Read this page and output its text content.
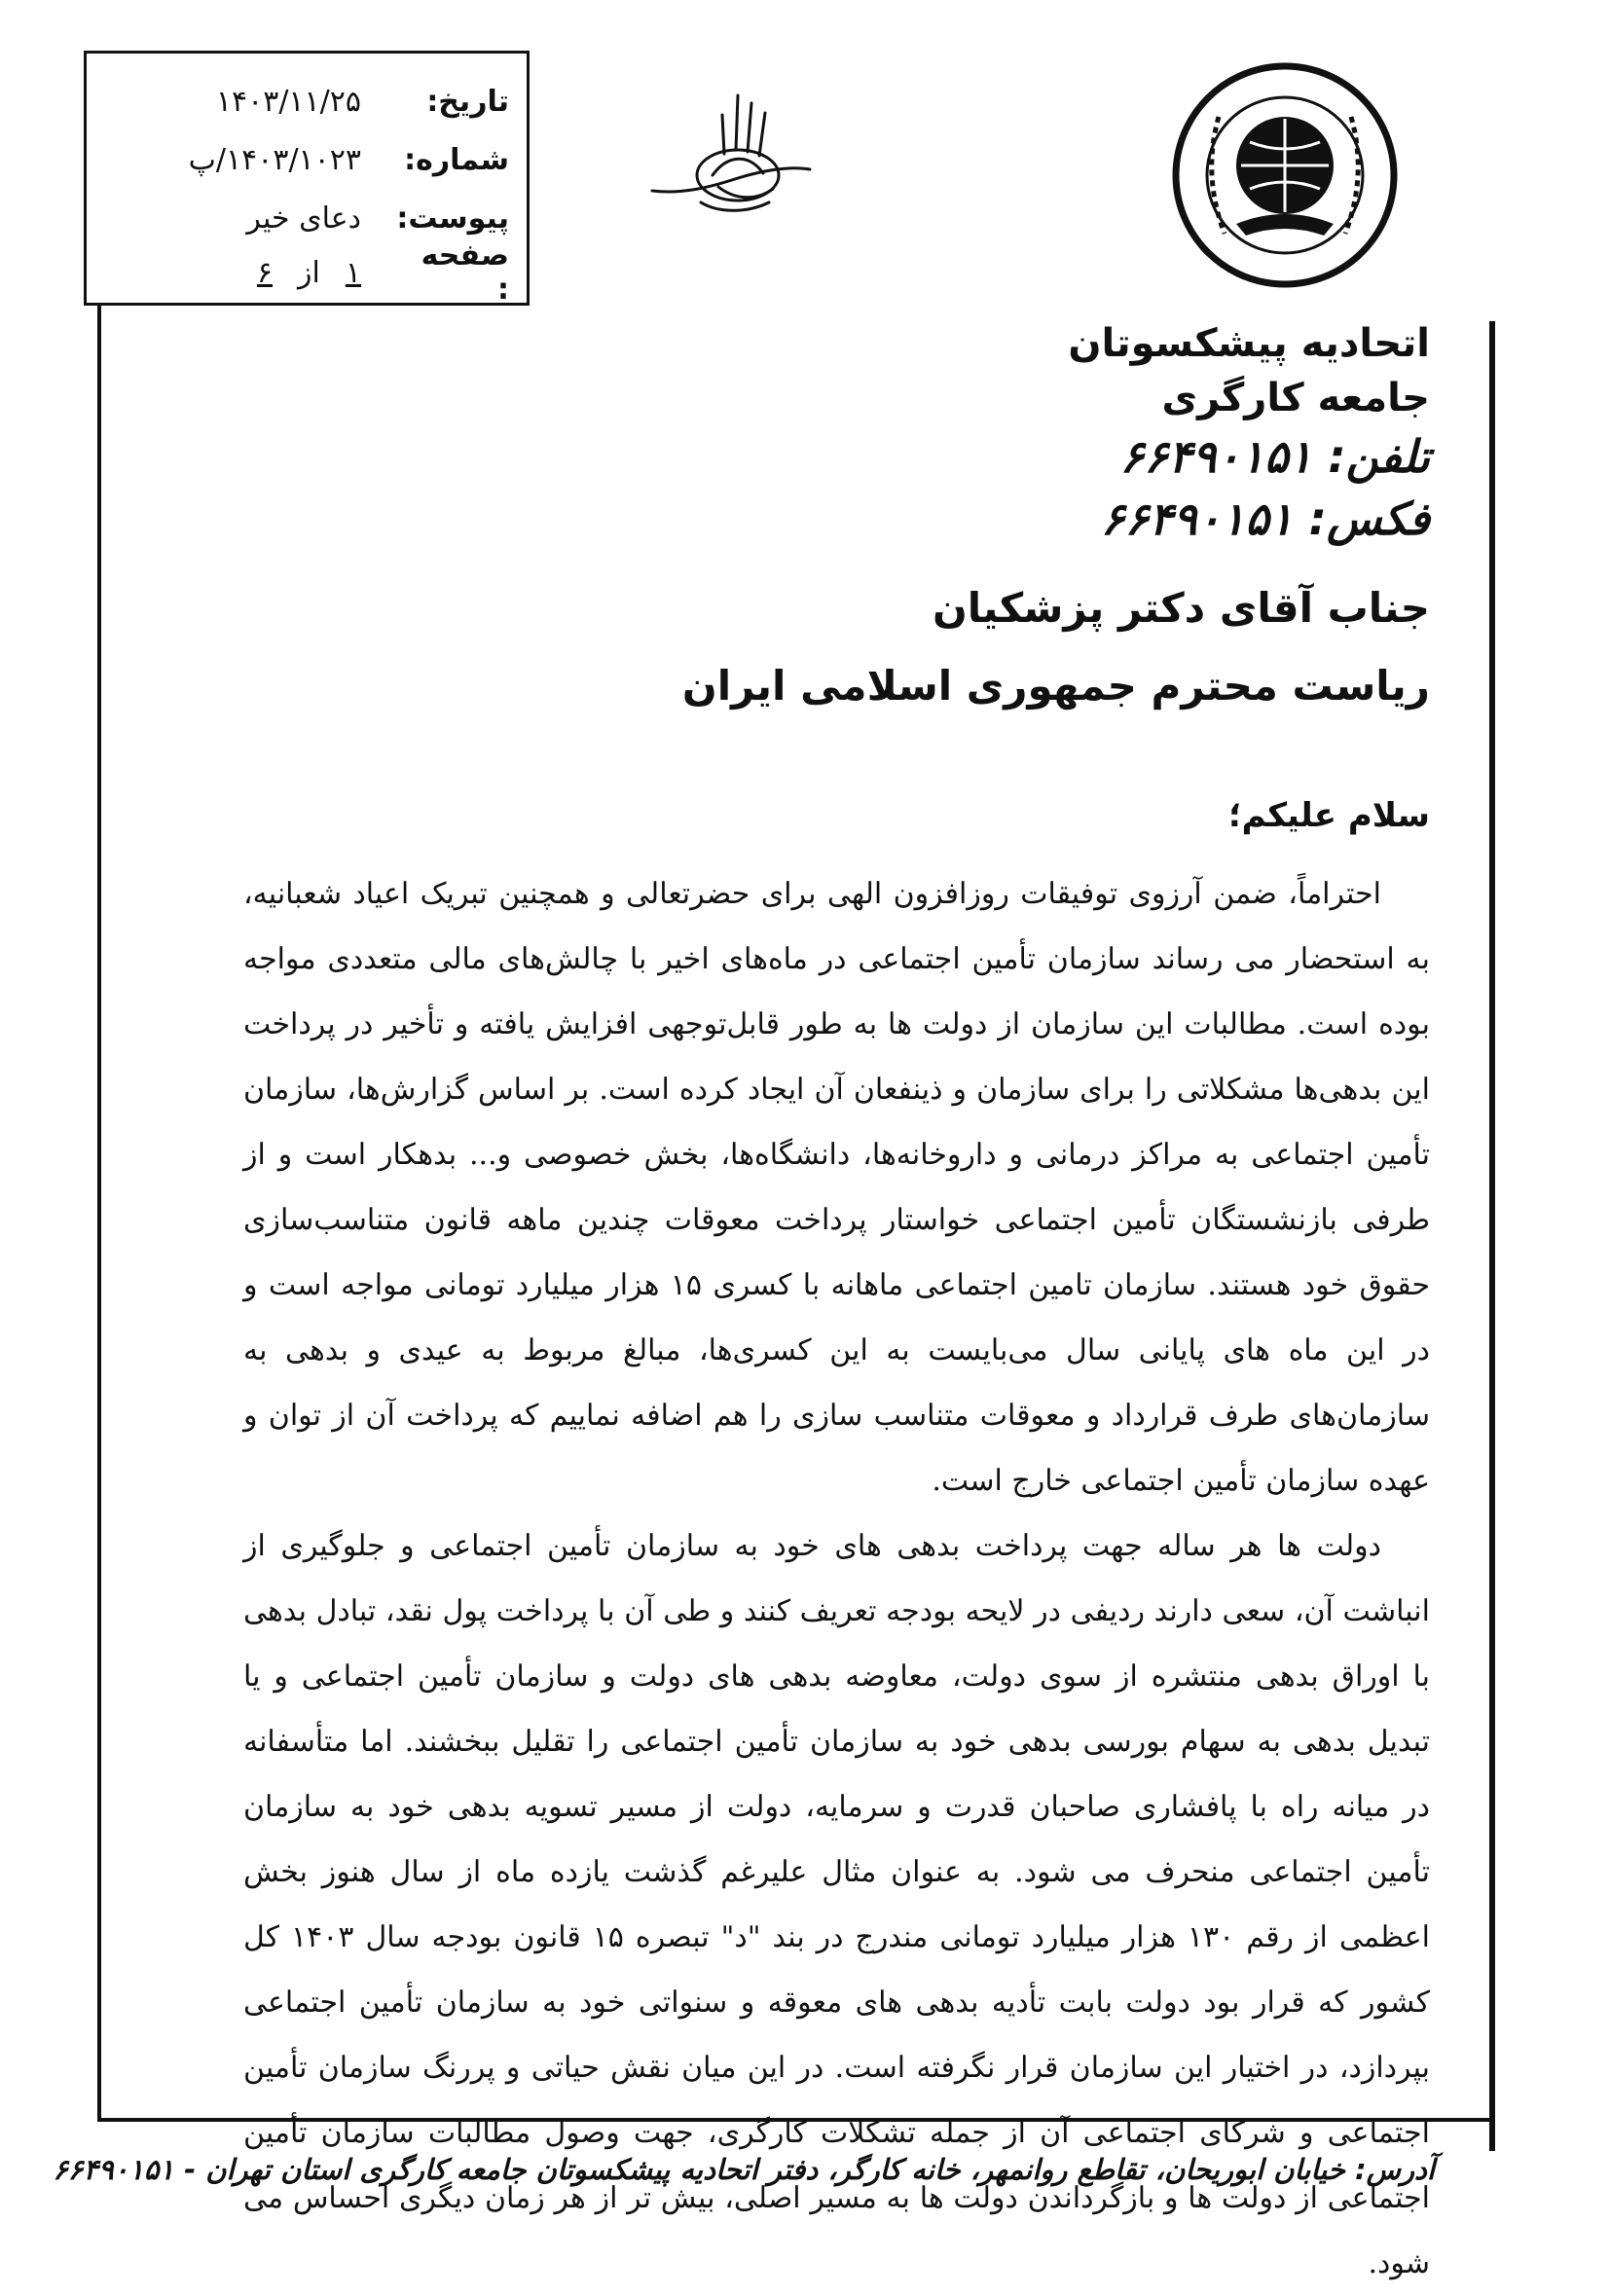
تاریخ:
۱۴۰۳/۱۱/۲۵
شماره:
۱۴۰۳/۱۰۲۳/پ
پیوست:
دعای خیر
صفحه :
۱
از
۶
اتحادیه پیشکسوتان
جامعه کارگری
تلفن: ۶۶۴۹۰۱۵۱
فکس: ۶۶۴۹۰۱۵۱
جناب آقای دکتر پزشکیان
ریاست محترم جمهوری اسلامی ایران
سلام علیکم؛

احتراماً، ضمن آرزوی توفیقات روزافزون الهی برای حضرتعالی و همچنین تبریک اعیاد شعبانیه، به استحضار می رساند سازمان تأمین اجتماعی در ماه‌های اخیر با چالش‌های مالی متعددی مواجه بوده است. مطالبات این سازمان از دولت ها به طور قابل‌توجهی افزایش یافته و تأخیر در پرداخت این بدهی‌ها مشکلاتی را برای سازمان و ذینفعان آن ایجاد کرده است. بر اساس گزارش‌ها، سازمان تأمین اجتماعی به مراکز درمانی و داروخانه‌ها، دانشگاه‌ها، بخش خصوصی و... بدهکار است و از طرفی بازنشستگان تأمین اجتماعی خواستار پرداخت معوقات چندین ماهه قانون متناسب‌سازی حقوق خود هستند. سازمان تامین اجتماعی ماهانه با کسری ۱۵ هزار میلیارد تومانی مواجه است و در این ماه های پایانی سال می‌بایست به این کسری‌ها، مبالغ مربوط به عیدی و بدهی به سازمان‌های طرف قرارداد و معوقات متناسب سازی را هم اضافه نماییم که پرداخت آن از توان و عهده سازمان تأمین اجتماعی خارج است.

دولت ها هر ساله جهت پرداخت بدهی های خود به سازمان تأمین اجتماعی و جلوگیری از انباشت آن، سعی دارند ردیفی در لایحه بودجه تعریف کنند و طی آن با پرداخت پول نقد، تبادل بدهی با اوراق بدهی منتشره از سوی دولت، معاوضه بدهی های دولت و سازمان تأمین اجتماعی و یا تبدیل بدهی به سهام بورسی بدهی خود به سازمان تأمین اجتماعی را تقلیل ببخشند. اما متأسفانه در میانه راه با پافشاری صاحبان قدرت و سرمایه، دولت از مسیر تسویه بدهی خود به سازمان تأمین اجتماعی منحرف می شود. به عنوان مثال علیرغم گذشت یازده ماه از سال هنوز بخش اعظمی از رقم ۱۳۰ هزار میلیارد تومانی مندرج در بند "د" تبصره ۱۵ قانون بودجه سال ۱۴۰۳ کل کشور که قرار بود دولت بابت تأدیه بدهی های معوقه و سنواتی خود به سازمان تأمین اجتماعی بپردازد، در اختیار این سازمان قرار نگرفته است. در این میان نقش حیاتی و پررنگ سازمان تأمین اجتماعی و شرکای اجتماعی آن از جمله تشکلات کارگری، جهت وصول مطالبات سازمان تأمین اجتماعی از دولت ها و بازگرداندن دولت ها به مسیر اصلی، بیش تر از هر زمان دیگری احساس می شود.

آدرس: خیابان ابوریحان، تقاطع روانمهر، خانه کارگر، دفتر اتحادیه پیشکسوتان جامعه کارگری استان تهران - ۶۶۴۹۰۱۵۱
